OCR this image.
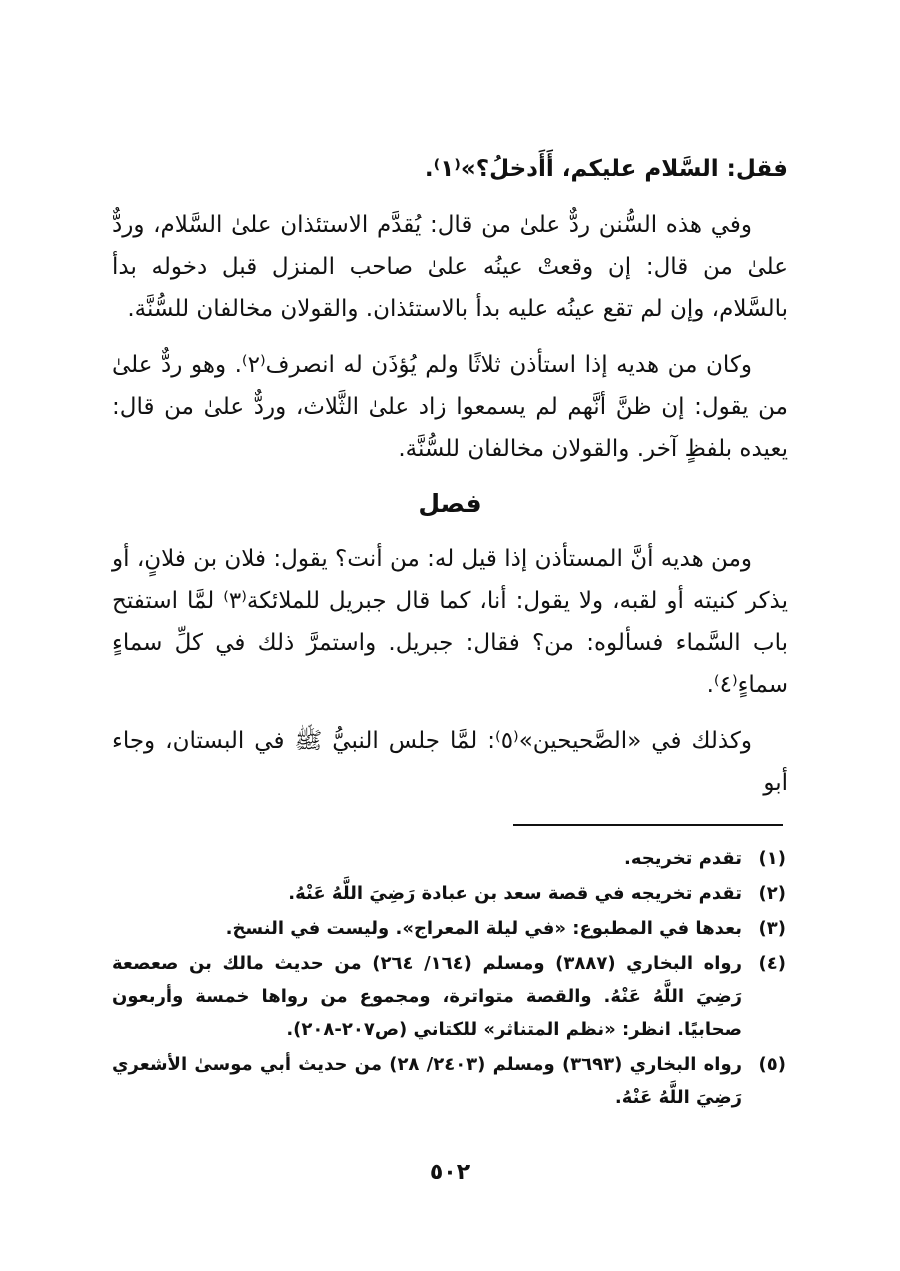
فقل: السَّلام عليكم، أَأَدخلُ؟»⁽١⁾.

وفي هذه السُّنن ردٌّ علىٰ من قال: يُقدَّم الاستئذان علىٰ السَّلام، وردٌّ علىٰ من قال: إن وقعتْ عينُه علىٰ صاحب المنزل قبل دخوله بدأ بالسَّلام، وإن لم تقع عينُه عليه بدأ بالاستئذان. والقولان مخالفان للسُّنَّة.

وكان من هديه إذا استأذن ثلاثًا ولم يُؤذَن له انصرف⁽٢⁾. وهو ردٌّ علىٰ من يقول: إن ظنَّ أنَّهم لم يسمعوا زاد علىٰ الثَّلاث، وردٌّ علىٰ من قال: يعيده بلفظٍ آخر. والقولان مخالفان للسُّنَّة.

فصل

ومن هديه أنَّ المستأذن إذا قيل له: من أنت؟ يقول: فلان بن فلانٍ، أو يذكر كنيته أو لقبه، ولا يقول: أنا، كما قال جبريل للملائكة⁽٣⁾ لمَّا استفتح باب السَّماء فسألوه: من؟ فقال: جبريل. واستمرَّ ذلك في كلِّ سماءٍ سماءٍ⁽٤⁾.

وكذلك في «الصَّحيحين»⁽٥⁾: لمَّا جلس النبيُّ ﷺ في البستان، وجاء أبو

(١)
تقدم تخريجه.
(٢)
تقدم تخريجه في قصة سعد بن عبادة رَضِيَ اللَّهُ عَنْهُ.
(٣)
بعدها في المطبوع: «في ليلة المعراج». وليست في النسخ.
(٤)
رواه البخاري (٣٨٨٧) ومسلم (١٦٤/ ٢٦٤) من حديث مالك بن صعصعة رَضِيَ اللَّهُ عَنْهُ. والقصة متواترة، ومجموع من رواها خمسة وأربعون صحابيًا. انظر: «نظم المتناثر» للكتاني (ص٢٠٧-٢٠٨).
(٥)
رواه البخاري (٣٦٩٣) ومسلم (٢٤٠٣/ ٢٨) من حديث أبي موسىٰ الأشعري رَضِيَ اللَّهُ عَنْهُ.
٥٠٢
